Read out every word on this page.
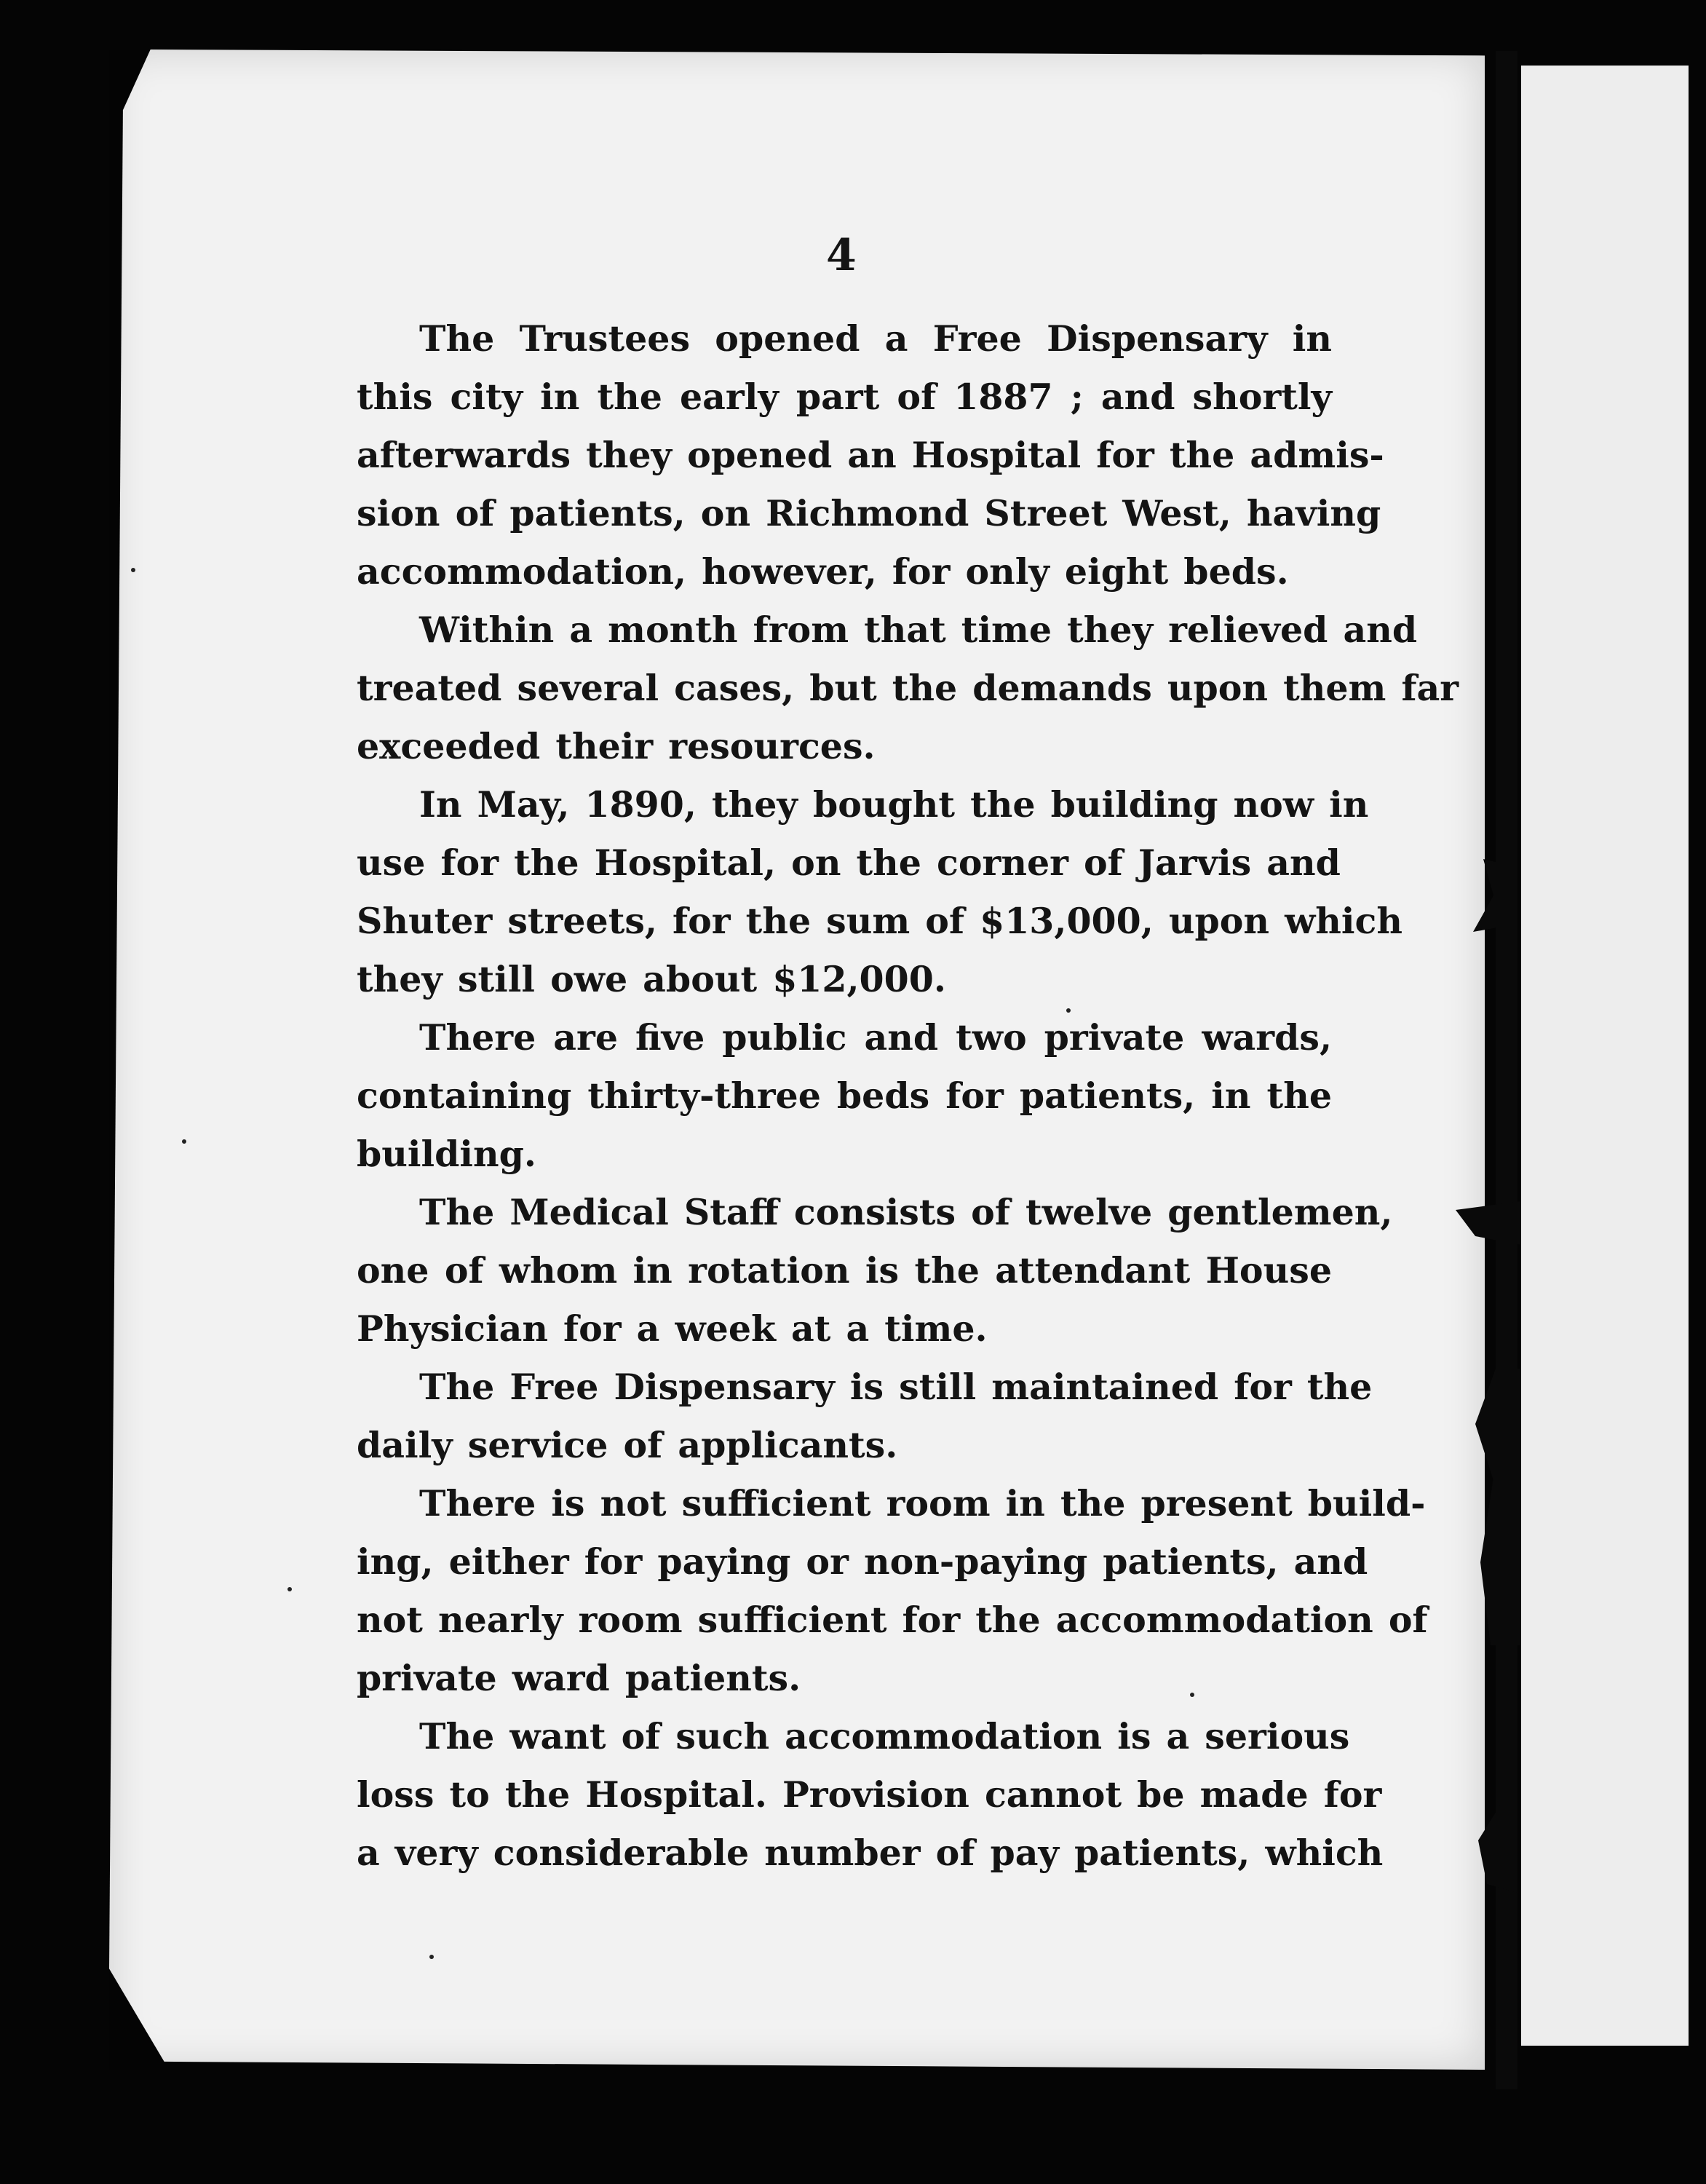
4

The Trustees opened a Free Dispensary in
this city in the early part of 1887 ; and shortly
afterwards they opened an Hospital for the admis-
sion of patients, on Richmond Street West, having
accommodation, however, for only eight beds.

Within a month from that time they relieved and
treated several cases, but the demands upon them far
exceeded their resources.

In May, 1890, they bought the building now in
use for the Hospital, on the corner of Jarvis and
Shuter streets, for the sum of $13,000, upon which
they still owe about $12,000.

There are five public and two private wards,
containing thirty-three beds for patients, in the
building.

The Medical Staff consists of twelve gentlemen,
one of whom in rotation is the attendant House
Physician for a week at a time.

The Free Dispensary is still maintained for the
daily service of applicants.

There is not sufficient room in the present build-
ing, either for paying or non-paying patients, and
not nearly room sufficient for the accommodation of
private ward patients.

The want of such accommodation is a serious
loss to the Hospital. Provision cannot be made for
a very considerable number of pay patients, which
